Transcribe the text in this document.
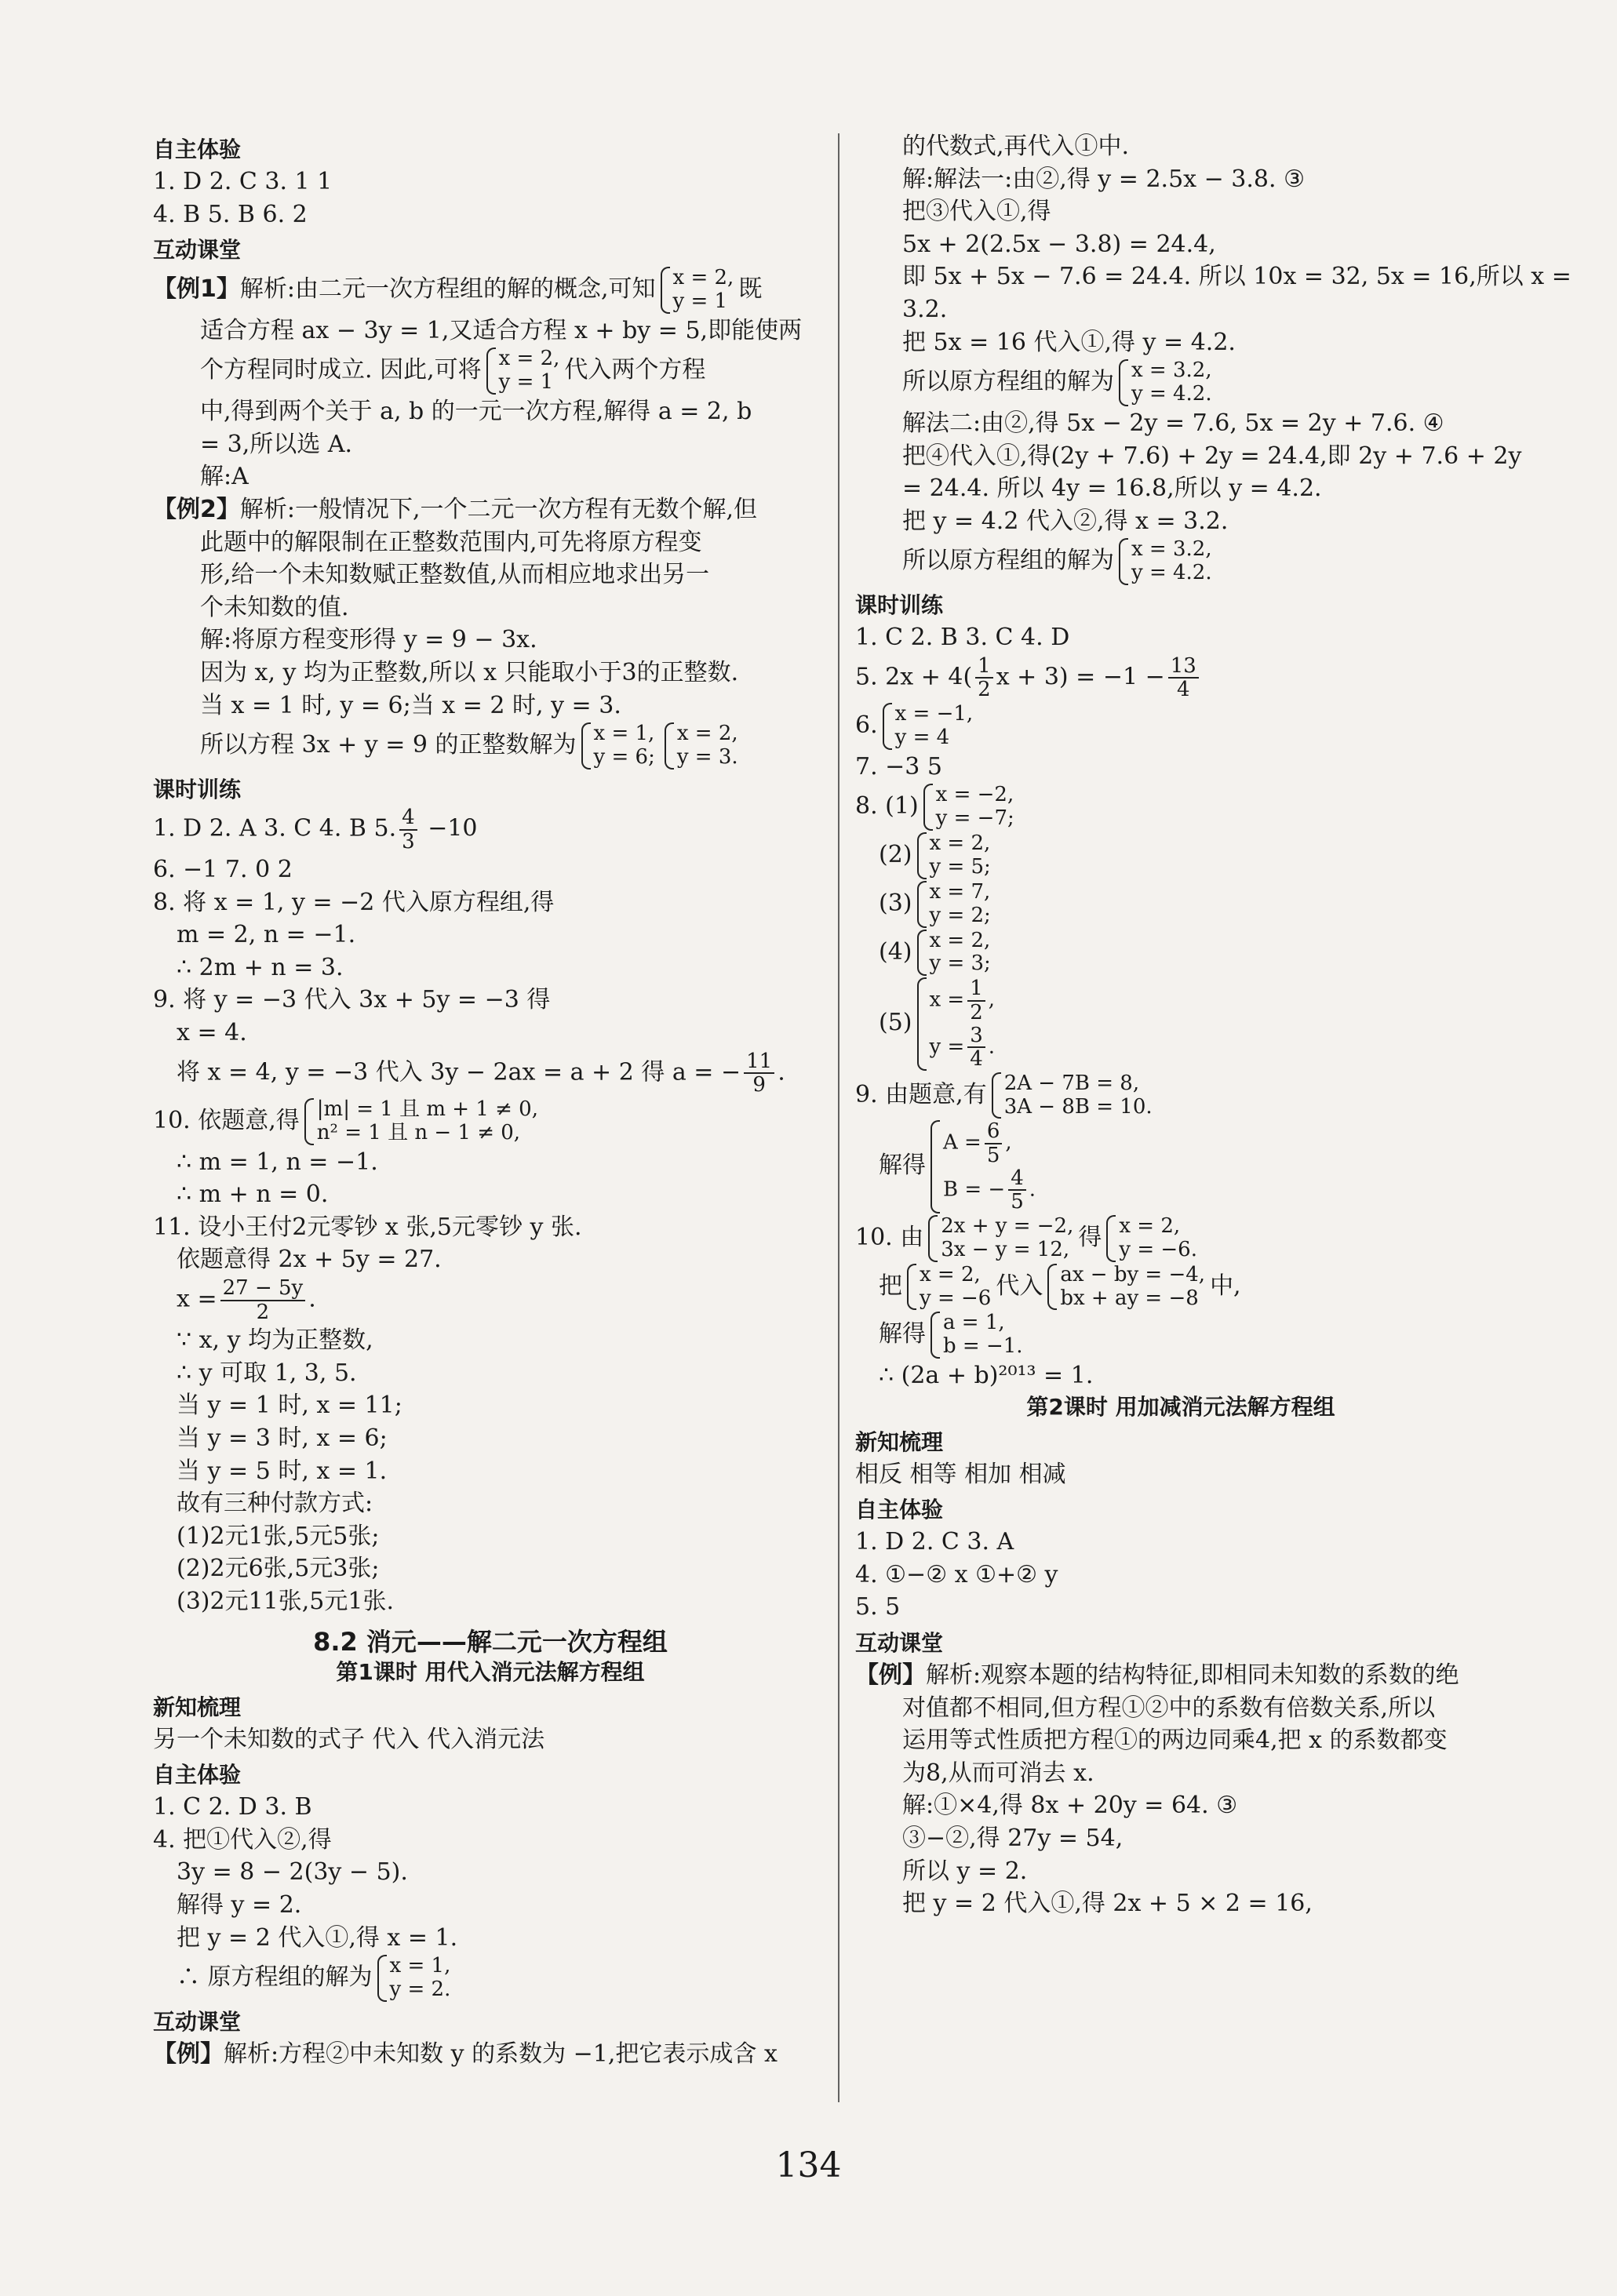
自主体验
1. D 2. C 3. 1 1
4. B 5. B 6. 2
互动课堂
【例1】解析:由二元一次方程组的解的概念,可知 x = 2,
y = 1 既
适合方程 ax − 3y = 1,又适合方程 x + by = 5,即能使两
个方程同时成立. 因此,可将 x = 2,
y = 1 代入两个方程
中,得到两个关于 a, b 的一元一次方程,解得 a = 2, b
= 3,所以选 A.
解:A
【例2】解析:一般情况下,一个二元一次方程有无数个解,但
此题中的解限制在正整数范围内,可先将原方程变
形,给一个未知数赋正整数值,从而相应地求出另一
个未知数的值.
解:将原方程变形得 y = 9 − 3x.
因为 x, y 均为正整数,所以 x 只能取小于3的正整数.
当 x = 1 时, y = 6;当 x = 2 时, y = 3.
所以方程 3x + y = 9 的正整数解为 x = 1,
y = 6;
x = 2,
y = 3.
课时训练
1. D 2. A 3. C 4. B 5. $\frac{4}{3} -10$
6. −1 7. 0 2
8. 将 x = 1, y = −2 代入原方程组,得
m = 2, n = −1.
∴ 2m + n = 3.
9. 将 y = −3 代入 3x + 5y = −3 得
x = 4.
将 x = 4, y = −3 代入 3y − 2ax = a + 2 得 a = − $\frac{11}{9}$ .
10. 依题意,得 |m| = 1 且 m + 1 ≠ 0,
n² = 1 且 n − 1 ≠ 0,
∴ m = 1, n = −1.
∴ m + n = 0.
11. 设小王付2元零钞 x 张,5元零钞 y 张.
依题意得 2x + 5y = 27.
$x = \frac{27 - 5y}{2}$ .
∵ x, y 均为正整数,
∴ y 可取 1, 3, 5.
当 y = 1 时, x = 11;
当 y = 3 时, x = 6;
当 y = 5 时, x = 1.
故有三种付款方式:
(1)2元1张,5元5张;
(2)2元6张,5元3张;
(3)2元11张,5元1张.
8.2 消元——解二元一次方程组
第1课时 用代入消元法解方程组
新知梳理
另一个未知数的式子 代入 代入消元法
自主体验
1. C 2. D 3. B
4. 把①代入②,得
3y = 8 − 2(3y − 5).
解得 y = 2.
把 y = 2 代入①,得 x = 1.
∴ 原方程组的解为 x = 1,
y = 2.
互动课堂
【例】解析:方程②中未知数 y 的系数为 −1,把它表示成含 x
的代数式,再代入①中.
解:解法一:由②,得 y = 2.5x − 3.8. ③
把③代入①,得
5x + 2(2.5x − 3.8) = 24.4,
即 5x + 5x − 7.6 = 24.4. 所以 10x = 32, 5x = 16,所以 x =
3.2.
把 5x = 16 代入①,得 y = 4.2.
所以原方程组的解为 x = 3.2,
y = 4.2.
解法二:由②,得 5x − 2y = 7.6, 5x = 2y + 7.6. ④
把④代入①,得(2y + 7.6) + 2y = 24.4,即 2y + 7.6 + 2y
= 24.4. 所以 4y = 16.8,所以 y = 4.2.
把 y = 4.2 代入②,得 x = 3.2.
所以原方程组的解为 x = 3.2,
y = 4.2.
课时训练
1. C 2. B 3. C 4. D
5. $2x + 4( \frac{1}{2}$ $x + 3) = -1 - \frac{13}{4}$
6. x = −1,
y = 4
7. −3 5
8. (1) x = −2,
y = −7;
(2) x = 2,
y = 5;
(3) x = 7,
y = 2;
(4) x = 2,
y = 3;
(5)
$x = \frac{1}{2}$ ,
$y = \frac{3}{4}$ .
9. 由题意,有 2A − 7B = 8,
3A − 8B = 10.
解得
$A = \frac{6}{5}$ ,
B = − $\frac{4}{5}$ .
10. 由 2x + y = −2,
3x − y = 12, 得 x = 2,
y = −6.
把 x = 2,
y = −6 代入 ax − by = −4,
bx + ay = −8 中,
解得 a = 1,
b = −1.
∴ (2a + b)²⁰¹³ = 1.
第2课时 用加减消元法解方程组
新知梳理
相反 相等 相加 相减
自主体验
1. D 2. C 3. A
4. ①−② x ①+② y
5. 5
互动课堂
【例】解析:观察本题的结构特征,即相同未知数的系数的绝
对值都不相同,但方程①②中的系数有倍数关系,所以
运用等式性质把方程①的两边同乘4,把 x 的系数都变
为8,从而可消去 x.
解:①×4,得 8x + 20y = 64. ③
③−②,得 27y = 54,
所以 y = 2.
把 y = 2 代入①,得 2x + 5 × 2 = 16,
134
